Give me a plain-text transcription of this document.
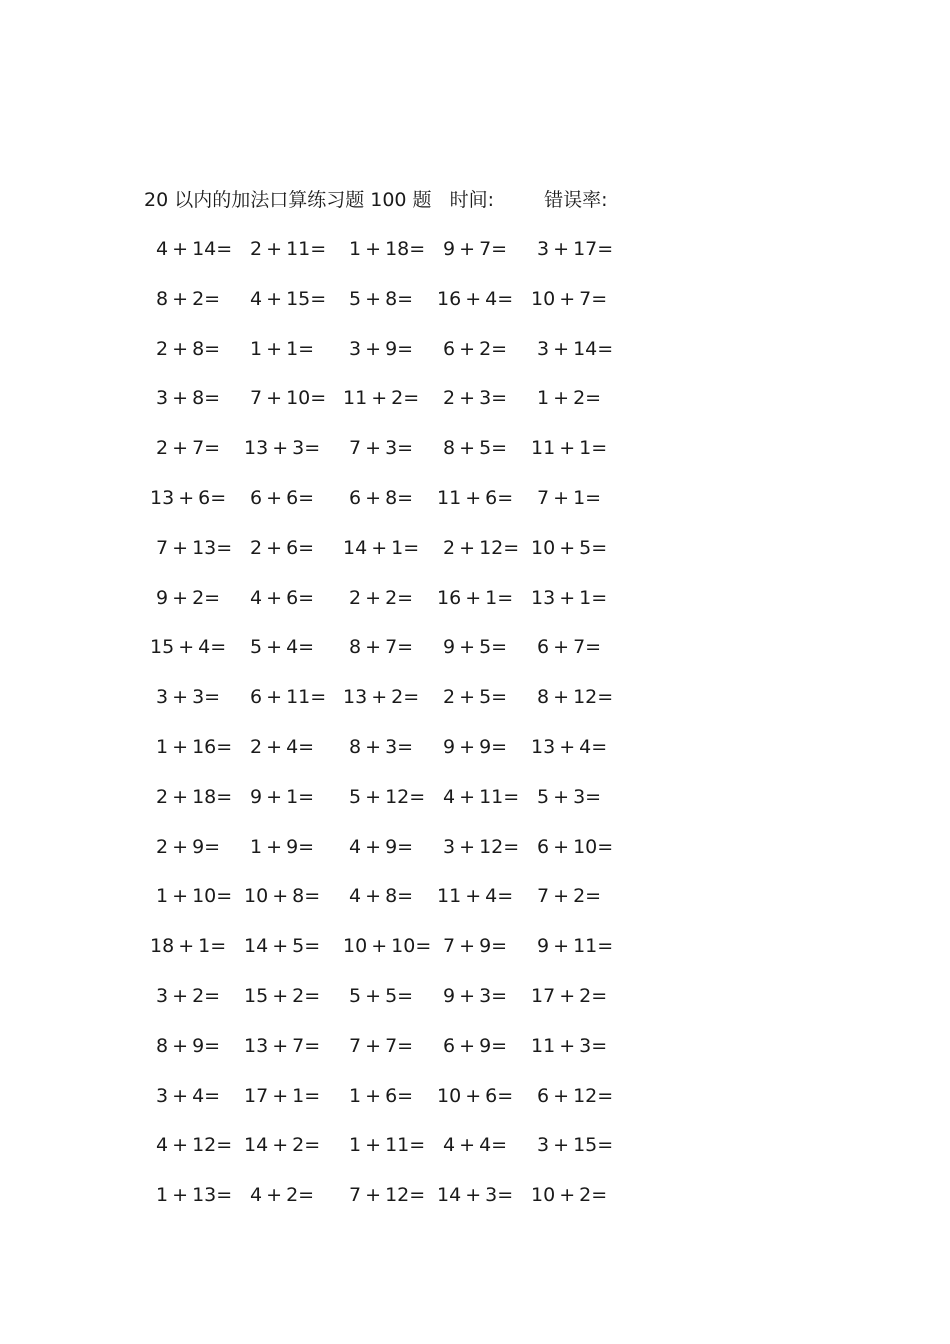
20 以内的加法口算练习题 100 题 时间:	错误率:
4 + 14= 2 + 11= 1 + 18= 9 + 7= 3 + 17=
8 + 2= 4 + 15= 5 + 8= 16 + 4= 10 + 7=
2 + 8= 1 + 1= 3 + 9= 6 + 2= 3 + 14=
3 + 8= 7 + 10= 11 + 2= 2 + 3= 1 + 2=
2 + 7= 13 + 3= 7 + 3= 8 + 5= 11 + 1=
13 + 6= 6 + 6= 6 + 8= 11 + 6= 7 + 1=
7 + 13= 2 + 6= 14 + 1= 2 + 12= 10 + 5=
9 + 2= 4 + 6= 2 + 2= 16 + 1= 13 + 1=
15 + 4= 5 + 4= 8 + 7= 9 + 5= 6 + 7=
3 + 3= 6 + 11= 13 + 2= 2 + 5= 8 + 12=
1 + 16= 2 + 4= 8 + 3= 9 + 9= 13 + 4=
2 + 18= 9 + 1= 5 + 12= 4 + 11= 5 + 3=
2 + 9= 1 + 9= 4 + 9= 3 + 12= 6 + 10=
1 + 10= 10 + 8= 4 + 8= 11 + 4= 7 + 2=
18 + 1= 14 + 5= 10 + 10= 7 + 9= 9 + 11=
3 + 2= 15 + 2= 5 + 5= 9 + 3= 17 + 2=
8 + 9= 13 + 7= 7 + 7= 6 + 9= 11 + 3=
3 + 4= 17 + 1= 1 + 6= 10 + 6= 6 + 12=
4 + 12= 14 + 2= 1 + 11= 4 + 4= 3 + 15=
1 + 13= 4 + 2= 7 + 12= 14 + 3= 10 + 2=
